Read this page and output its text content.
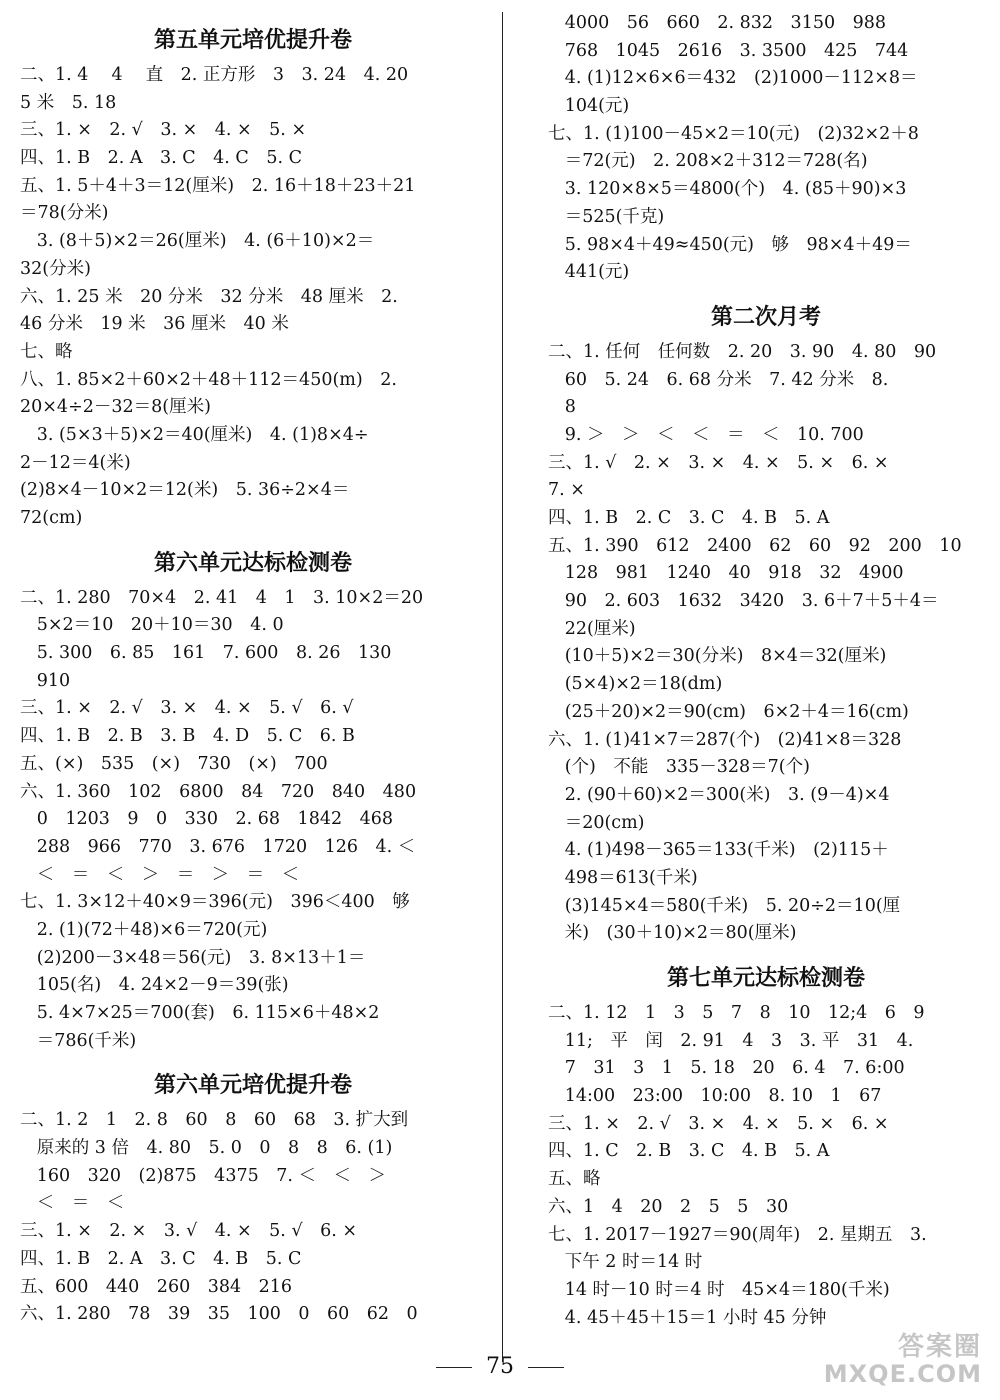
第五单元培优提升卷
二、1. 4　 4　 直　2. 正方形　3　3. 24　4. 20
5 米　5. 18
三、1. ×　2. √　3. ×　4. ×　5. ×
四、1. B　2. A　3. C　4. C　5. C
五、1. 5＋4＋3＝12(厘米)　2. 16＋18＋23＋21
＝78(分米)
3. (8＋5)×2＝26(厘米)　4. (6＋10)×2＝
32(分米)
六、1. 25 米　20 分米　32 分米　48 厘米　2.
46 分米　19 米　36 厘米　40 米
七、略
八、1. 85×2＋60×2＋48＋112＝450(m)　2.
20×4÷2－32＝8(厘米)
3. (5×3＋5)×2＝40(厘米)　4. (1)8×4÷
2－12＝4(米)
(2)8×4－10×2＝12(米)　5. 36÷2×4＝
72(cm)
第六单元达标检测卷
二、1. 280　70×4　2. 41　4　1　3. 10×2＝20
5×2＝10　20＋10＝30　4. 0
5. 300　6. 85　161　7. 600　8. 26　130
910
三、1. ×　2. √　3. ×　4. ×　5. √　6. √
四、1. B　2. B　3. B　4. D　5. C　6. B
五、(×)　535　(×)　730　(×)　700
六、1. 360　102　6800　84　720　840　480
0　1203　9　0　330　2. 68　1842　468
288　966　770　3. 676　1720　126　4. ＜
＜　＝　＜　＞　＝　＞　＝　＜
七、1. 3×12＋40×9＝396(元)　396＜400　够
2. (1)(72＋48)×6＝720(元)
(2)200－3×48＝56(元)　3. 8×13＋1＝
105(名)　4. 24×2－9＝39(张)
5. 4×7×25＝700(套)　6. 115×6＋48×2
＝786(千米)
第六单元培优提升卷
二、1. 2　1　2. 8　60　8　60　68　3. 扩大到
原来的 3 倍　4. 80　5. 0　0　8　8　6. (1)
160　320　(2)875　4375　7. ＜　＜　＞
＜　＝　＜
三、1. ×　2. ×　3. √　4. ×　5. √　6. ×
四、1. B　2. A　3. C　4. B　5. C
五、600　440　260　384　216
六、1. 280　78　39　35　100　0　60　62　0
4000　56　660　2. 832　3150　988
768　1045　2616　3. 3500　425　744
4. (1)12×6×6＝432　(2)1000－112×8＝
104(元)
七、1. (1)100－45×2＝10(元)　(2)32×2＋8
＝72(元)　2. 208×2＋312＝728(名)
3. 120×8×5＝4800(个)　4. (85＋90)×3
＝525(千克)
5. 98×4＋49≈450(元)　够　98×4＋49＝
441(元)
第二次月考
二、1. 任何　任何数　2. 20　3. 90　4. 80　90
60　5. 24　6. 68 分米　7. 42 分米　8.
8
9. ＞　＞　＜　＜　＝　＜　10. 700
三、1. √　2. ×　3. ×　4. ×　5. ×　6. ×
7. ×
四、1. B　2. C　3. C　4. B　5. A
五、1. 390　612　2400　62　60　92　200　10
128　981　1240　40　918　32　4900
90　2. 603　1632　3420　3. 6＋7＋5＋4＝
22(厘米)
(10＋5)×2＝30(分米)　8×4＝32(厘米)
(5×4)×2＝18(dm)
(25＋20)×2＝90(cm)　6×2＋4＝16(cm)
六、1. (1)41×7＝287(个)　(2)41×8＝328
(个)　不能　335－328＝7(个)
2. (90＋60)×2＝300(米)　3. (9－4)×4
＝20(cm)
4. (1)498－365＝133(千米)　(2)115＋
498＝613(千米)
(3)145×4＝580(千米)　5. 20÷2＝10(厘
米)　(30＋10)×2＝80(厘米)
第七单元达标检测卷
二、1. 12　1　3　5　7　8　10　12;4　6　9
11;　平　闰　2. 91　4　3　3. 平　31　4.
7　31　3　1　5. 18　20　6. 4　7. 6:00
14:00　23:00　10:00　8. 10　1　67
三、1. ×　2. √　3. ×　4. ×　5. ×　6. ×
四、1. C　2. B　3. C　4. B　5. A
五、略
六、1　4　20　2　5　5　30
七、1. 2017－1927＝90(周年)　2. 星期五　3.
下午 2 时＝14 时
14 时－10 时＝4 时　45×4＝180(千米)
4. 45＋45＋15＝1 小时 45 分钟
75
答案圈
MXQE.COM
